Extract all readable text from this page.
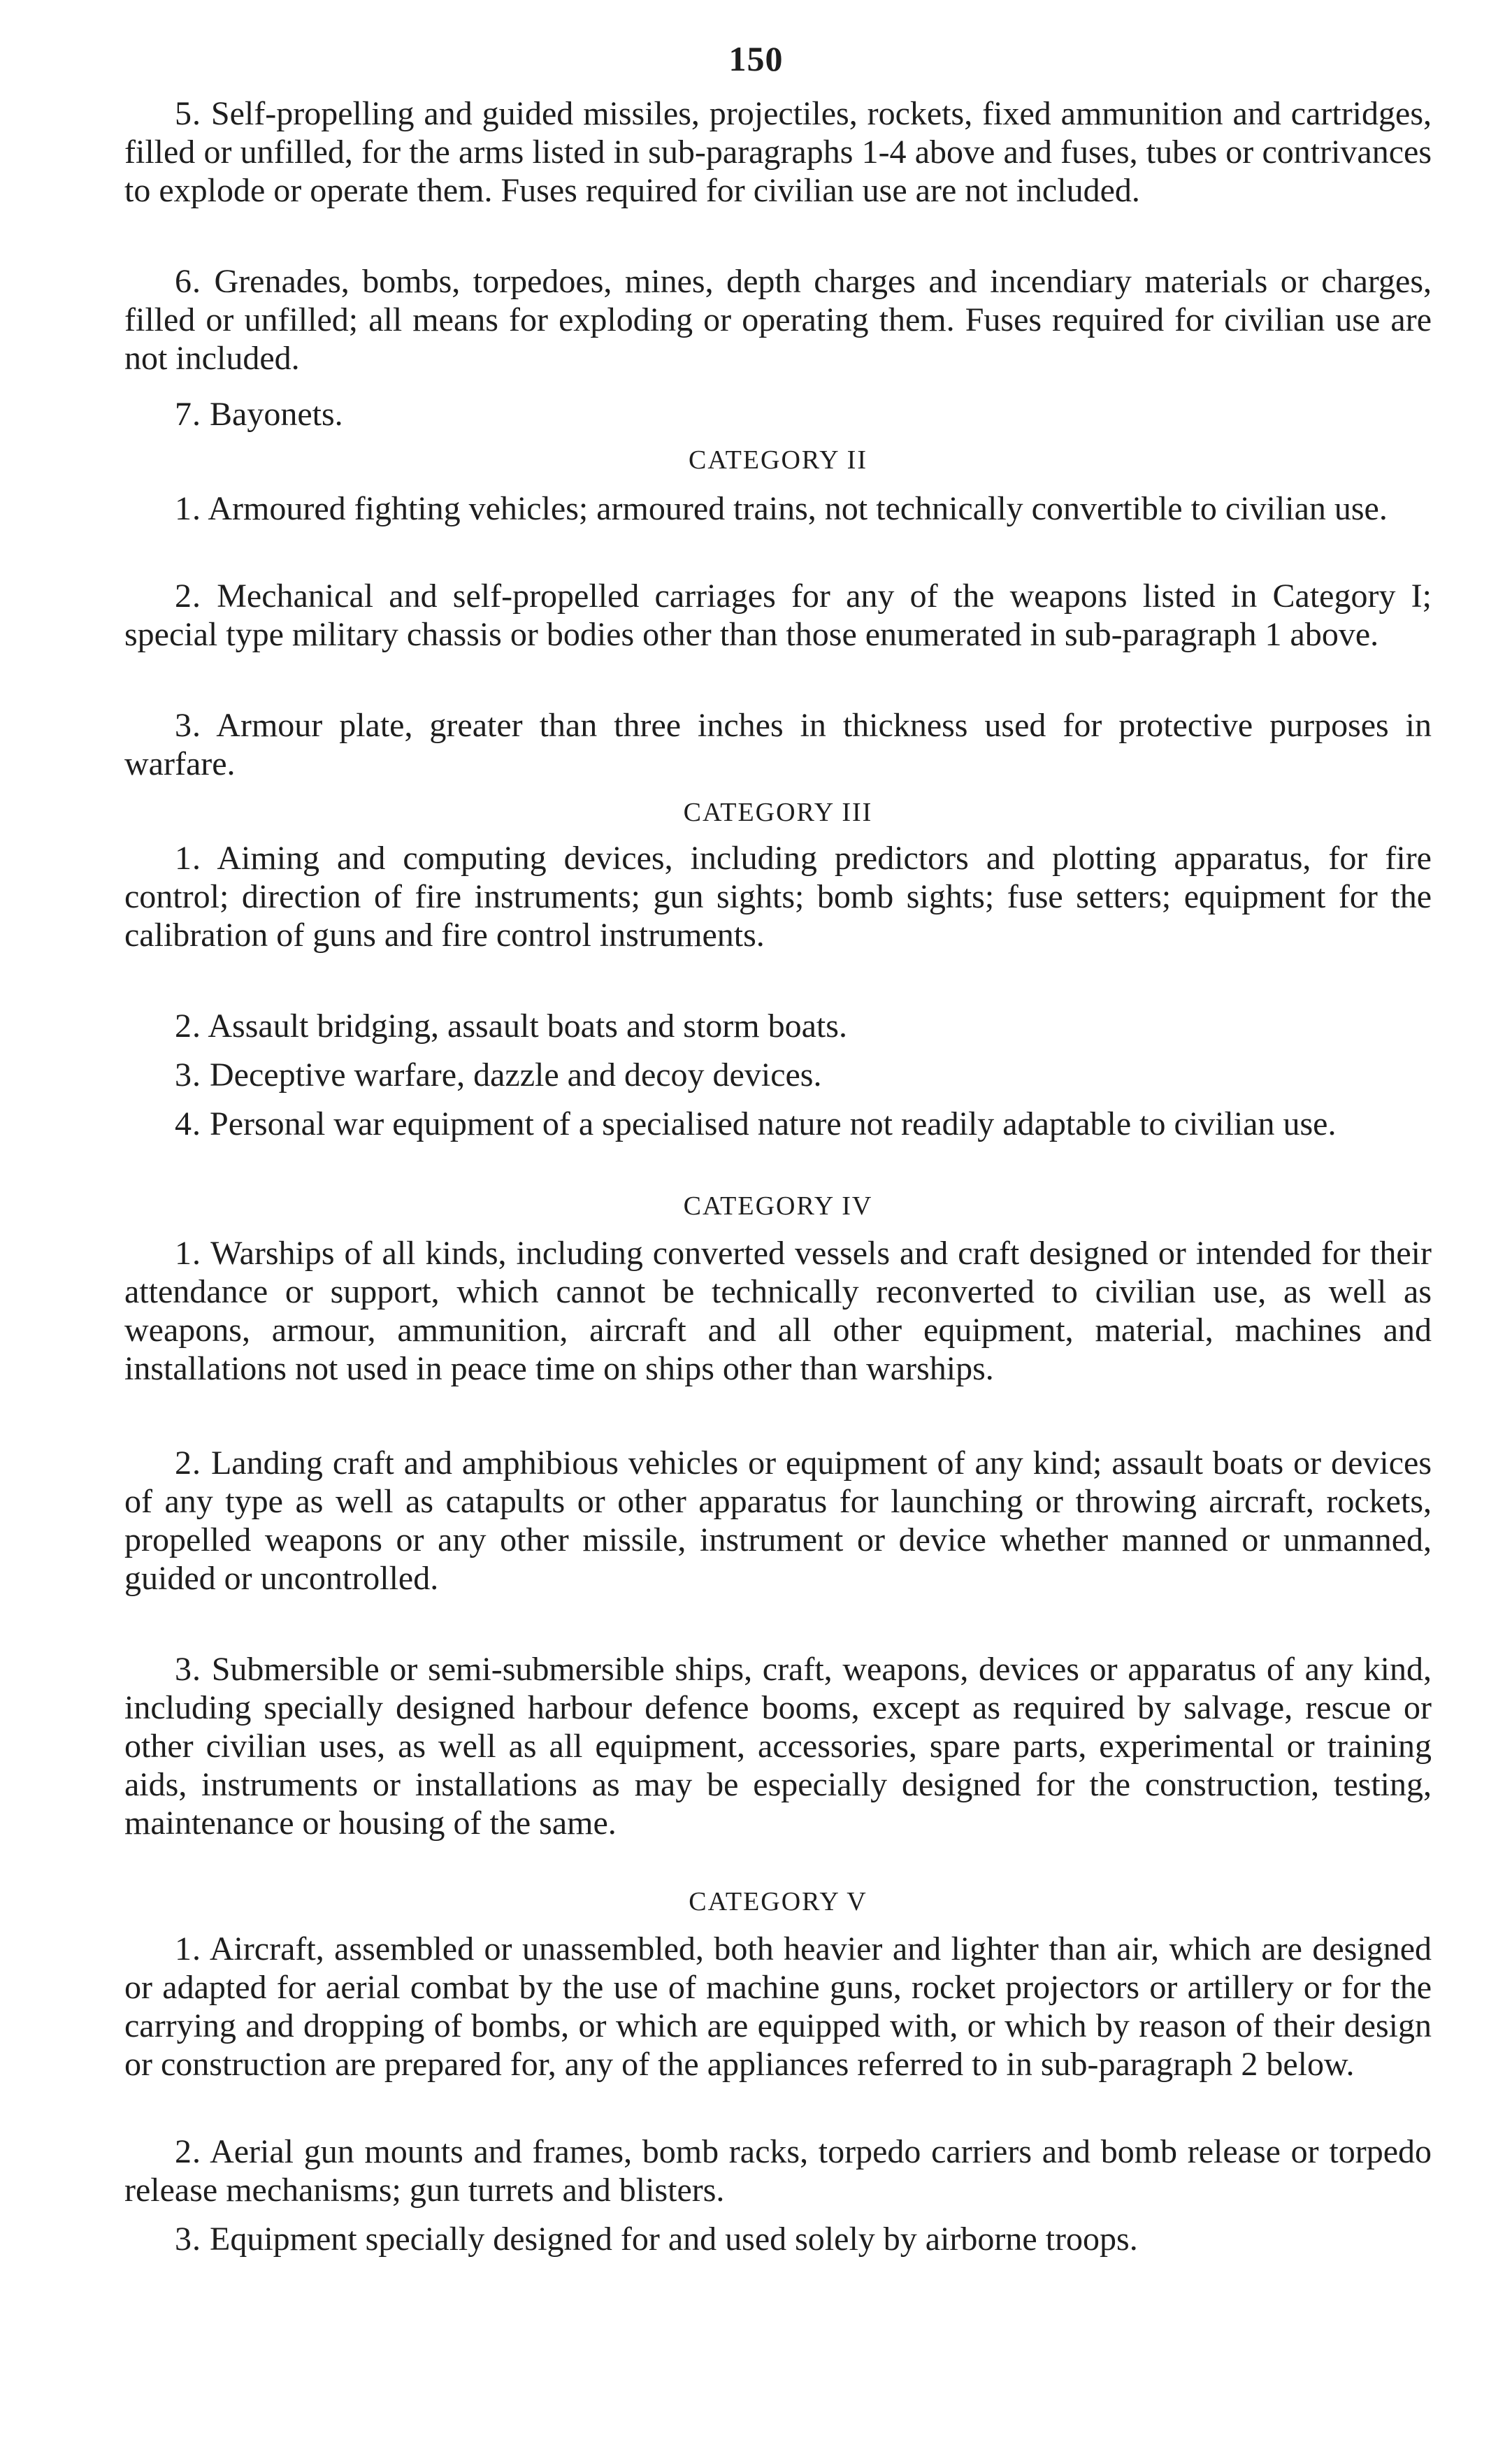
150

5. Self-propelling and guided missiles, projectiles, rockets, fixed ammunition and cartridges, filled or unfilled, for the arms listed in sub-paragraphs 1-4 above and fuses, tubes or contrivances to explode or operate them. Fuses required for civilian use are not included.

6. Grenades, bombs, torpedoes, mines, depth charges and incendiary materials or charges, filled or unfilled; all means for exploding or operating them. Fuses required for civilian use are not included.

7. Bayonets.

CATEGORY II

1. Armoured fighting vehicles; armoured trains, not technically convertible to civilian use.

2. Mechanical and self-propelled carriages for any of the weapons listed in Category I; special type military chassis or bodies other than those enumerated in sub-paragraph 1 above.

3. Armour plate, greater than three inches in thickness used for protective purposes in warfare.

CATEGORY III

1. Aiming and computing devices, including predictors and plotting apparatus, for fire control; direction of fire instruments; gun sights; bomb sights; fuse setters; equipment for the calibration of guns and fire control instruments.

2. Assault bridging, assault boats and storm boats.

3. Deceptive warfare, dazzle and decoy devices.

4. Personal war equipment of a specialised nature not readily adaptable to civilian use.

CATEGORY IV

1. Warships of all kinds, including converted vessels and craft designed or intended for their attendance or support, which cannot be technically reconverted to civilian use, as well as weapons, armour, ammunition, aircraft and all other equipment, material, machines and installations not used in peace time on ships other than warships.

2. Landing craft and amphibious vehicles or equipment of any kind; assault boats or devices of any type as well as catapults or other apparatus for launching or throwing aircraft, rockets, propelled weapons or any other missile, instrument or device whether manned or unmanned, guided or uncontrolled.

3. Submersible or semi-submersible ships, craft, weapons, devices or apparatus of any kind, including specially designed harbour defence booms, except as required by salvage, rescue or other civilian uses, as well as all equipment, accessories, spare parts, experimental or training aids, instruments or installations as may be especially designed for the construction, testing, maintenance or housing of the same.

CATEGORY V

1. Aircraft, assembled or unassembled, both heavier and lighter than air, which are designed or adapted for aerial combat by the use of machine guns, rocket projectors or artillery or for the carrying and dropping of bombs, or which are equipped with, or which by reason of their design or construction are prepared for, any of the appliances referred to in sub-paragraph 2 below.

2. Aerial gun mounts and frames, bomb racks, torpedo carriers and bomb release or torpedo release mechanisms; gun turrets and blisters.

3. Equipment specially designed for and used solely by airborne troops.
